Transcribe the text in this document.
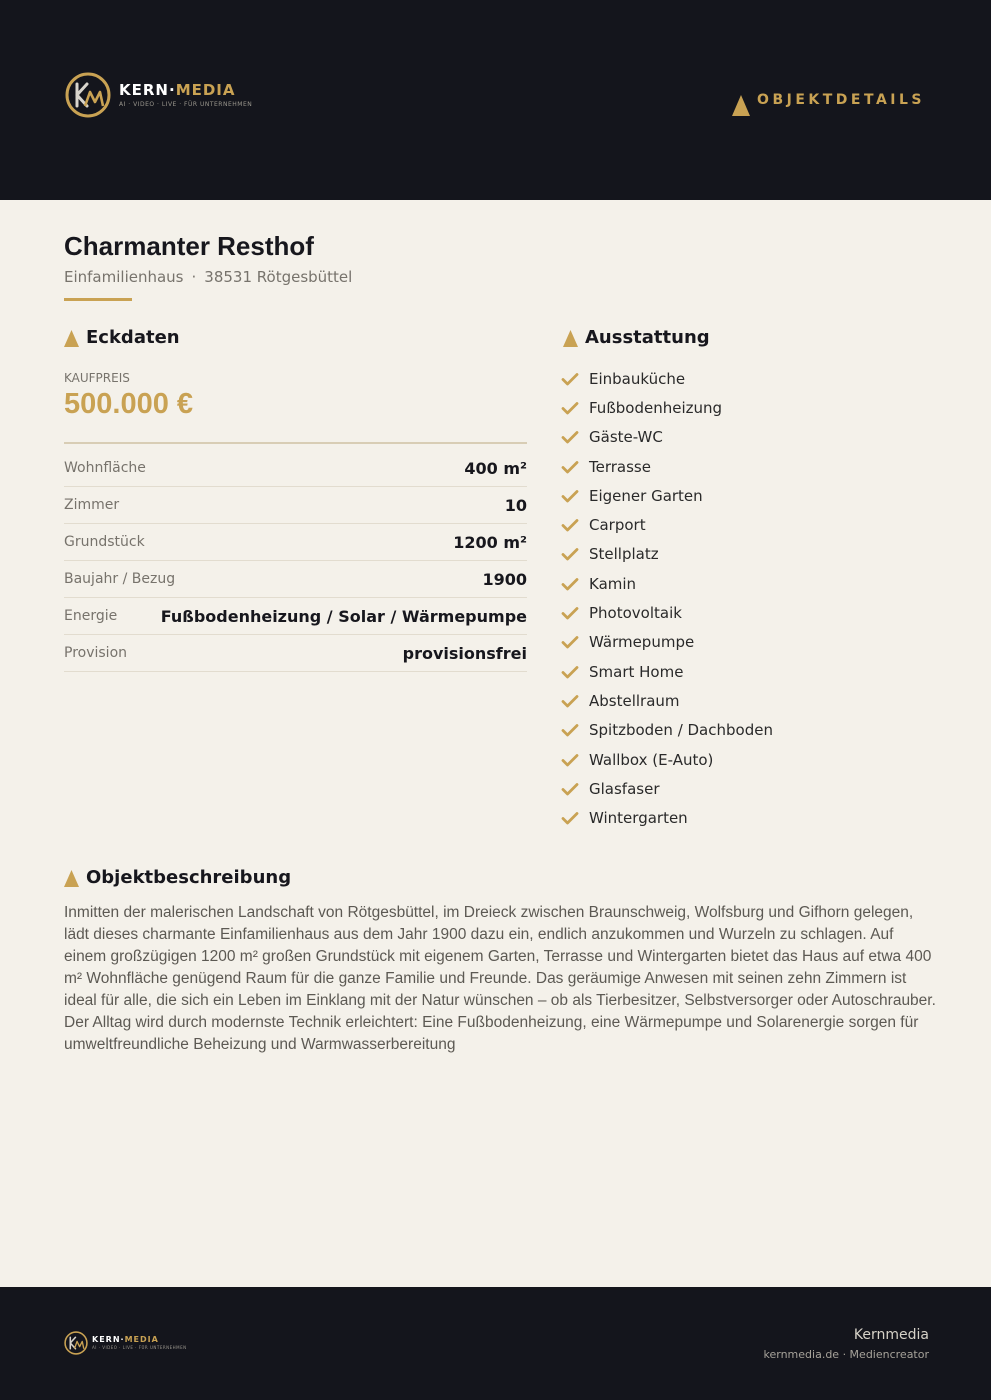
KERN·MEDIA
AI · VIDEO · LIVE · FÜR UNTERNEHMEN	OBJEKTDETAILS
Charmanter Resthof
Einfamilienhaus · 38531 Rötgesbüttel
Eckdaten
KAUFPREIS
500.000 €
Wohnfläche	400 m²
Zimmer	10
Grundstück	1200 m²
Baujahr / Bezug	1900
Energie	Fußbodenheizung / Solar / Wärmepumpe
Provision	provisionsfrei
Ausstattung
Einbauküche
Fußbodenheizung
Gäste-WC
Terrasse
Eigener Garten
Carport
Stellplatz
Kamin
Photovoltaik
Wärmepumpe
Smart Home
Abstellraum
Spitzboden / Dachboden
Wallbox (E-Auto)
Glasfaser
Wintergarten
Objektbeschreibung

Inmitten der malerischen Landschaft von Rötgesbüttel, im Dreieck zwischen Braunschweig, Wolfsburg und Gifhorn gelegen, lädt dieses charmante Einfamilienhaus aus dem Jahr 1900 dazu ein, endlich anzukommen und Wurzeln zu schlagen. Auf einem großzügigen 1200 m² großen Grundstück mit eigenem Garten, Terrasse und Wintergarten bietet das Haus auf etwa 400 m² Wohnfläche genügend Raum für die ganze Familie und Freunde. Das geräumige Anwesen mit seinen zehn Zimmern ist ideal für alle, die sich ein Leben im Einklang mit der Natur wünschen – ob als Tierbesitzer, Selbstversorger oder Autoschrauber. Der Alltag wird durch modernste Technik erleichtert: Eine Fußbodenheizung, eine Wärmepumpe und Solarenergie sorgen für umweltfreundliche Beheizung und Warmwasserbereitung

KERN·MEDIA
AI · VIDEO · LIVE · FÜR UNTERNEHMEN
Kernmedia
kernmedia.de · Mediencreator
